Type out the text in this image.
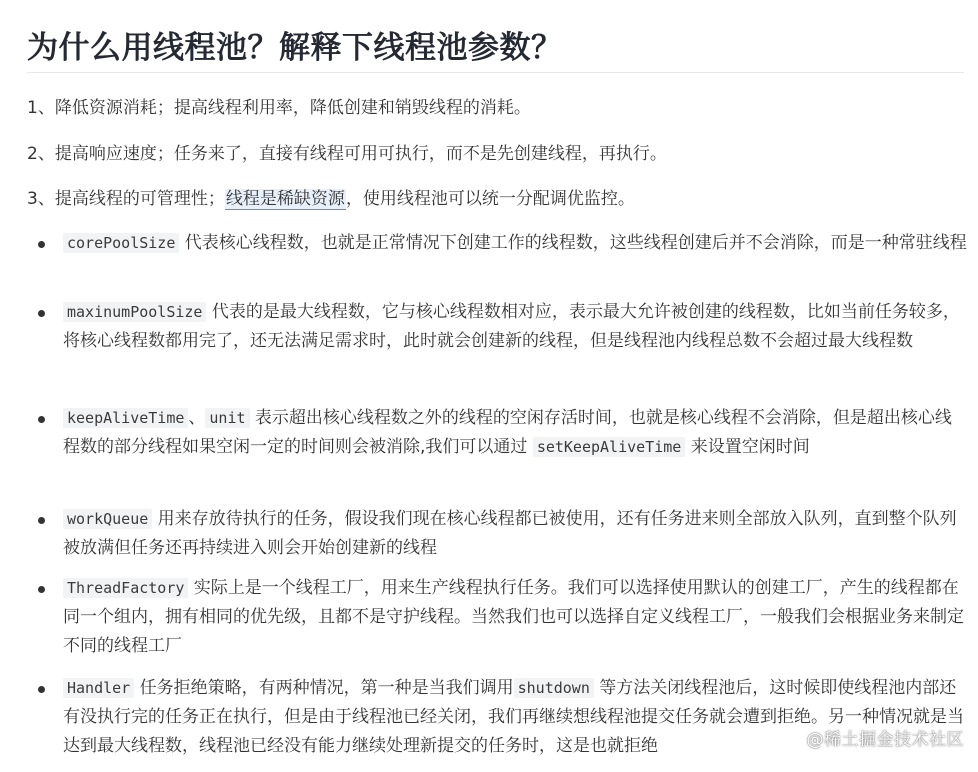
为什么用线程池？解释下线程池参数？

1、降低资源消耗；提高线程利用率，降低创建和销毁线程的消耗。

2、提高响应速度；任务来了，直接有线程可用可执行，而不是先创建线程，再执行。

3、提高线程的可管理性；线程是稀缺资源，使用线程池可以统一分配调优监控。

corePoolSize 代表核心线程数，也就是正常情况下创建工作的线程数，这些线程创建后并不会消除，而是一种常驻线程
maxinumPoolSize 代表的是最大线程数，它与核心线程数相对应，表示最大允许被创建的线程数，比如当前任务较多，将核心线程数都用完了，还无法满足需求时，此时就会创建新的线程，但是线程池内线程总数不会超过最大线程数
keepAliveTime 、 unit 表示超出核心线程数之外的线程的空闲存活时间，也就是核心线程不会消除，但是超出核心线程数的部分线程如果空闲一定的时间则会被消除,我们可以通过 setKeepAliveTime 来设置空闲时间
workQueue 用来存放待执行的任务，假设我们现在核心线程都已被使用，还有任务进来则全部放入队列，直到整个队列被放满但任务还再持续进入则会开始创建新的线程
ThreadFactory 实际上是一个线程工厂，用来生产线程执行任务。我们可以选择使用默认的创建工厂，产生的线程都在同一个组内，拥有相同的优先级，且都不是守护线程。当然我们也可以选择自定义线程工厂，一般我们会根据业务来制定不同的线程工厂
Handler 任务拒绝策略，有两种情况，第一种是当我们调用 shutdown 等方法关闭线程池后，这时候即使线程池内部还有没执行完的任务正在执行，但是由于线程池已经关闭，我们再继续想线程池提交任务就会遭到拒绝。另一种情况就是当达到最大线程数，线程池已经没有能力继续处理新提交的任务时，这是也就拒绝	@稀土掘金技术社区
